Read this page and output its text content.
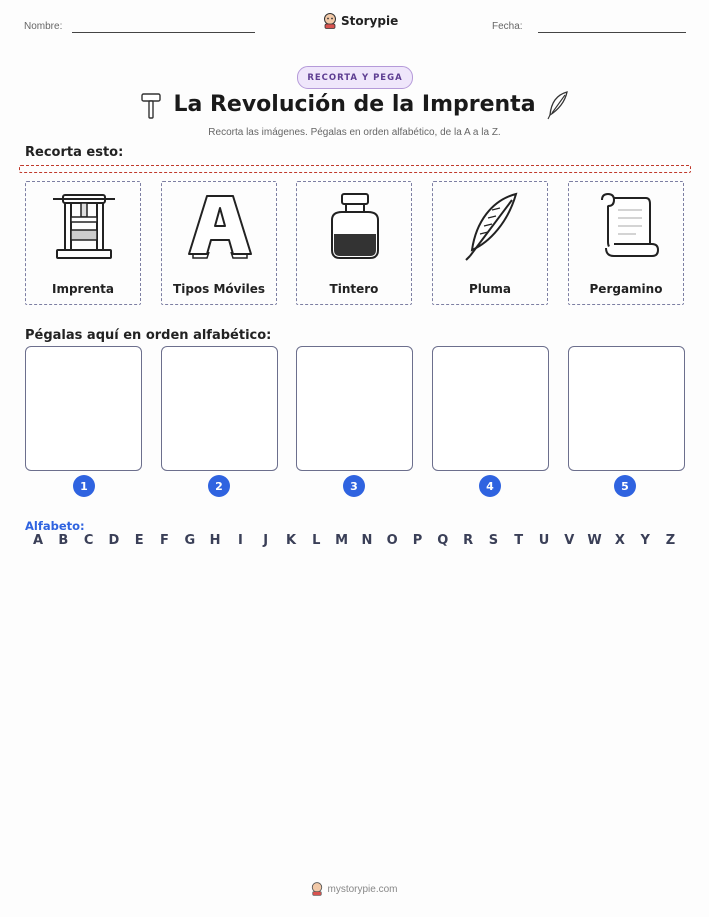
Nombre:	Storypie	Fecha:
RECORTA Y PEGA
La Revolución de la Imprenta
Recorta las imágenes. Pégalas en orden alfabético, de la A a la Z.
Recorta esto:
Imprenta	Tipos Móviles	Tintero	Pluma	Pergamino
Pégalas aquí en orden alfabético:
1	2	3	4	5
Alfabeto:
A	B	C	D	E	F	G	H	I	J	K	L	M	N	O	P	Q	R	S	T	U	V	W	X	Y	Z
mystorypie.com
